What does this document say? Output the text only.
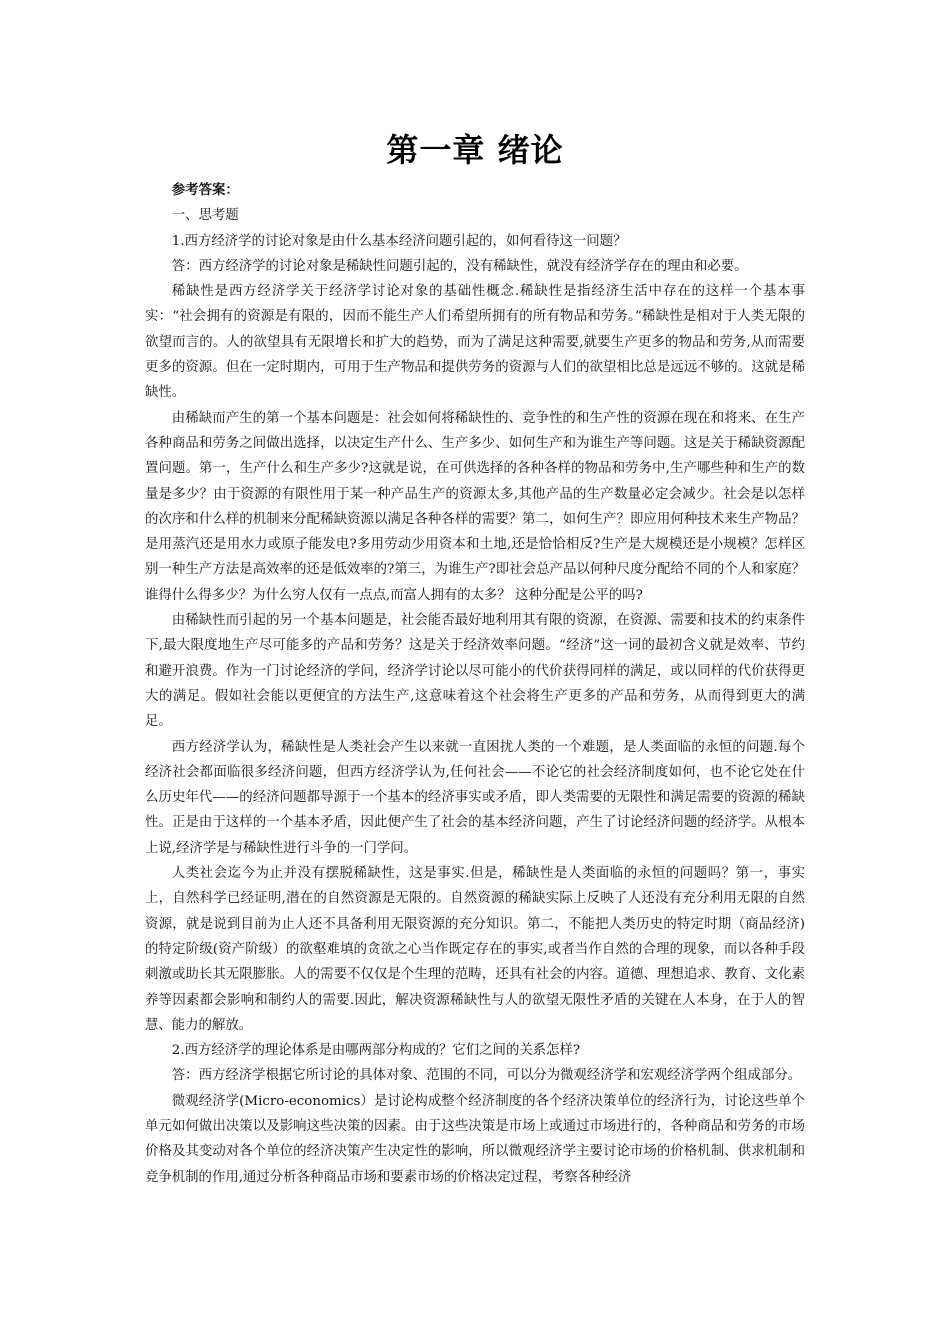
第一章 绪论

参考答案：

一、思考题

1.西方经济学的讨论对象是由什么基本经济问题引起的，如何看待这一问题？

答：西方经济学的讨论对象是稀缺性问题引起的，没有稀缺性，就没有经济学存在的理由和必要。

稀缺性是西方经济学关于经济学讨论对象的基础性概念.稀缺性是指经济生活中存在的这样一个基本事实：“社会拥有的资源是有限的，因而不能生产人们希望所拥有的所有物品和劳务。”稀缺性是相对于人类无限的欲望而言的。人的欲望具有无限增长和扩大的趋势，而为了满足这种需要,就要生产更多的物品和劳务,从而需要更多的资源。但在一定时期内，可用于生产物品和提供劳务的资源与人们的欲望相比总是远远不够的。这就是稀缺性。

由稀缺而产生的第一个基本问题是：社会如何将稀缺性的、竞争性的和生产性的资源在现在和将来、在生产各种商品和劳务之间做出选择，以决定生产什么、生产多少、如何生产和为谁生产等问题。这是关于稀缺资源配置问题。第一，生产什么和生产多少?这就是说，在可供选择的各种各样的物品和劳务中,生产哪些种和生产的数量是多少？由于资源的有限性用于某一种产品生产的资源太多,其他产品的生产数量必定会减少。社会是以怎样的次序和什么样的机制来分配稀缺资源以满足各种各样的需要？第二，如何生产？即应用何种技术来生产物品？是用蒸汽还是用水力或原子能发电?多用劳动少用资本和土地,还是恰恰相反?生产是大规模还是小规模？怎样区别一种生产方法是高效率的还是低效率的?第三，为谁生产?即社会总产品以何种尺度分配给不同的个人和家庭？谁得什么得多少？为什么穷人仅有一点点,而富人拥有的太多？ 这种分配是公平的吗?

由稀缺性而引起的另一个基本问题是，社会能否最好地利用其有限的资源，在资源、需要和技术的约束条件下,最大限度地生产尽可能多的产品和劳务？这是关于经济效率问题。“经济”这一词的最初含义就是效率、节约和避开浪费。作为一门讨论经济的学问，经济学讨论以尽可能小的代价获得同样的满足，或以同样的代价获得更大的满足。假如社会能以更便宜的方法生产,这意味着这个社会将生产更多的产品和劳务，从而得到更大的满足。

西方经济学认为，稀缺性是人类社会产生以来就一直困扰人类的一个难题，是人类面临的永恒的问题.每个经济社会都面临很多经济问题，但西方经济学认为,任何社会——不论它的社会经济制度如何，也不论它处在什么历史年代——的经济问题都导源于一个基本的经济事实或矛盾，即人类需要的无限性和满足需要的资源的稀缺性。正是由于这样的一个基本矛盾，因此便产生了社会的基本经济问题，产生了讨论经济问题的经济学。从根本上说,经济学是与稀缺性进行斗争的一门学问。

人类社会迄今为止并没有摆脱稀缺性，这是事实.但是，稀缺性是人类面临的永恒的问题吗？第一，事实上，自然科学已经证明,潜在的自然资源是无限的。自然资源的稀缺实际上反映了人还没有充分利用无限的自然资源，就是说到目前为止人还不具备利用无限资源的充分知识。第二，不能把人类历史的特定时期（商品经济)的特定阶级(资产阶级）的欲壑难填的贪欲之心当作既定存在的事实,或者当作自然的合理的现象，而以各种手段刺激或助长其无限膨胀。人的需要不仅仅是个生理的范畴，还具有社会的内容。道德、理想追求、教育、文化素养等因素都会影响和制约人的需要.因此，解决资源稀缺性与人的欲望无限性矛盾的关键在人本身，在于人的智慧、能力的解放。

2.西方经济学的理论体系是由哪两部分构成的？它们之间的关系怎样?

答：西方经济学根据它所讨论的具体对象、范围的不同，可以分为微观经济学和宏观经济学两个组成部分。

微观经济学(Micro-economics）是讨论构成整个经济制度的各个经济决策单位的经济行为，讨论这些单个单元如何做出决策以及影响这些决策的因素。由于这些决策是市场上或通过市场进行的，各种商品和劳务的市场价格及其变动对各个单位的经济决策产生决定性的影响，所以微观经济学主要讨论市场的价格机制、供求机制和竞争机制的作用,通过分析各种商品市场和要素市场的价格决定过程，考察各种经济
